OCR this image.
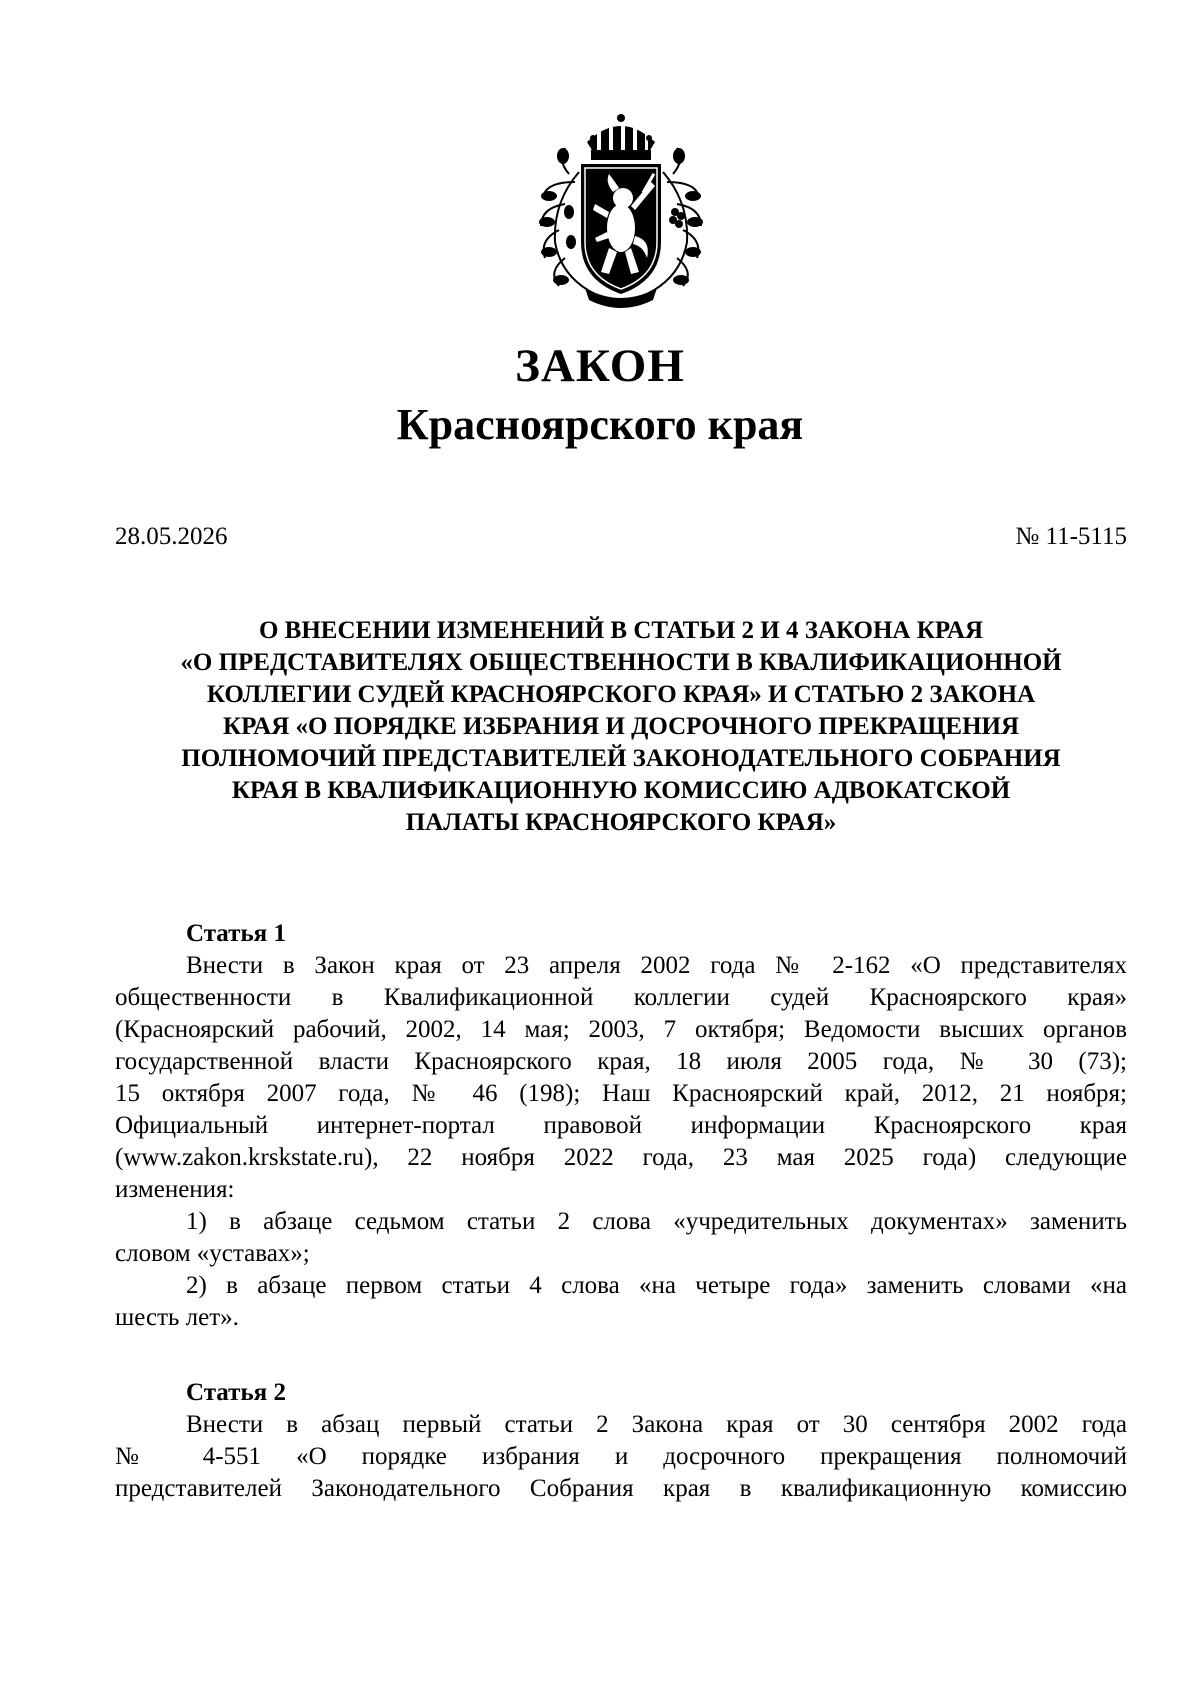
ЗАКОН
Красноярского края
28.05.2026	№ 11-5115
О ВНЕСЕНИИ ИЗМЕНЕНИЙ В СТАТЬИ 2 И 4 ЗАКОНА КРАЯ
«О ПРЕДСТАВИТЕЛЯХ ОБЩЕСТВЕННОСТИ В КВАЛИФИКАЦИОННОЙ
КОЛЛЕГИИ СУДЕЙ КРАСНОЯРСКОГО КРАЯ» И СТАТЬЮ 2 ЗАКОНА
КРАЯ «О ПОРЯДКЕ ИЗБРАНИЯ И ДОСРОЧНОГО ПРЕКРАЩЕНИЯ
ПОЛНОМОЧИЙ ПРЕДСТАВИТЕЛЕЙ ЗАКОНОДАТЕЛЬНОГО СОБРАНИЯ
КРАЯ В КВАЛИФИКАЦИОННУЮ КОМИССИЮ АДВОКАТСКОЙ
ПАЛАТЫ КРАСНОЯРСКОГО КРАЯ»
Статья 1
Внести в Закон края от 23 апреля 2002 года № 2-162 «О представителях
общественности в Квалификационной коллегии судей Красноярского края»
(Красноярский рабочий, 2002, 14 мая; 2003, 7 октября; Ведомости высших органов
государственной власти Красноярского края, 18 июля 2005 года, № 30 (73);
15 октября 2007 года, № 46 (198); Наш Красноярский край, 2012, 21 ноября;
Официальный интернет-портал правовой информации Красноярского края
(www.zakon.krskstate.ru), 22 ноября 2022 года, 23 мая 2025 года) следующие
изменения:
1) в абзаце седьмом статьи 2 слова «учредительных документах» заменить
словом «уставах»;
2) в абзаце первом статьи 4 слова «на четыре года» заменить словами «на
шесть лет».
Статья 2
Внести в абзац первый статьи 2 Закона края от 30 сентября 2002 года
№ 4-551 «О порядке избрания и досрочного прекращения полномочий
представителей Законодательного Собрания края в квалификационную комиссию
